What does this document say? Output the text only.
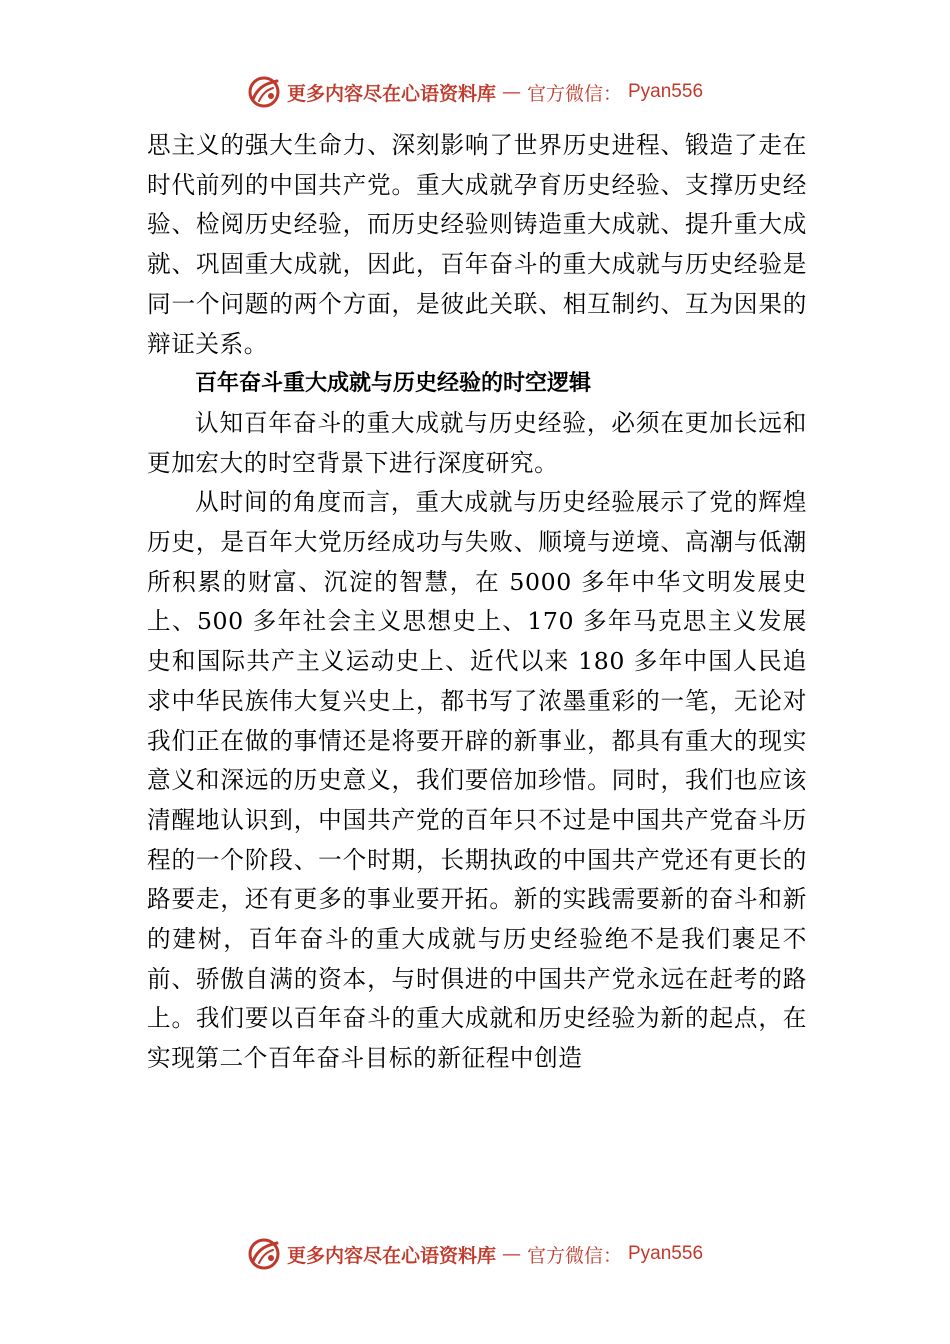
更多内容尽在心语资料库 — 官方微信： Pyan556

思主义的强大生命力、深刻影响了世界历史进程、锻造了走在时代前列的中国共产党。重大成就孕育历史经验、支撑历史经验、检阅历史经验，而历史经验则铸造重大成就、提升重大成就、巩固重大成就，因此，百年奋斗的重大成就与历史经验是同一个问题的两个方面，是彼此关联、相互制约、互为因果的辩证关系。

百年奋斗重大成就与历史经验的时空逻辑

认知百年奋斗的重大成就与历史经验，必须在更加长远和更加宏大的时空背景下进行深度研究。

从时间的角度而言，重大成就与历史经验展示了党的辉煌历史，是百年大党历经成功与失败、顺境与逆境、高潮与低潮所积累的财富、沉淀的智慧，在 5000 多年中华文明发展史上、500 多年社会主义思想史上、170 多年马克思主义发展史和国际共产主义运动史上、近代以来 180 多年中国人民追求中华民族伟大复兴史上，都书写了浓墨重彩的一笔，无论对我们正在做的事情还是将要开辟的新事业，都具有重大的现实意义和深远的历史意义，我们要倍加珍惜。同时，我们也应该清醒地认识到，中国共产党的百年只不过是中国共产党奋斗历程的一个阶段、一个时期，长期执政的中国共产党还有更长的路要走，还有更多的事业要开拓。新的实践需要新的奋斗和新的建树，百年奋斗的重大成就与历史经验绝不是我们裹足不前、骄傲自满的资本，与时俱进的中国共产党永远在赶考的路上。我们要以百年奋斗的重大成就和历史经验为新的起点，在实现第二个百年奋斗目标的新征程中创造

更多内容尽在心语资料库 — 官方微信： Pyan556
